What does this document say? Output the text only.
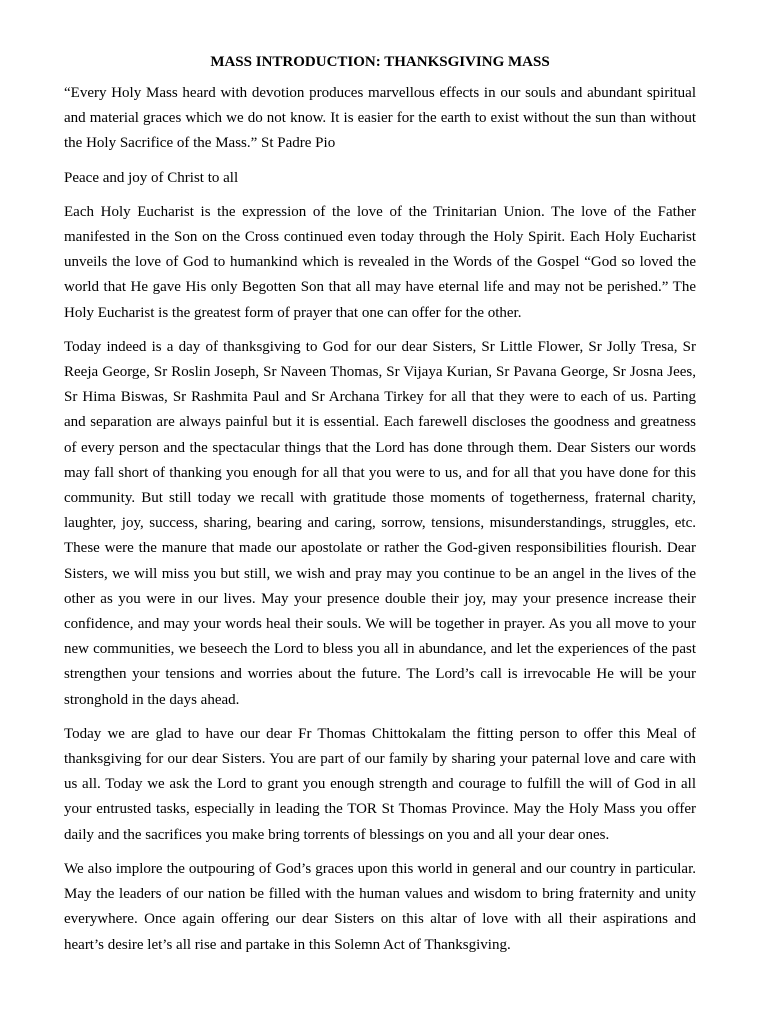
MASS INTRODUCTION: THANKSGIVING MASS

“Every Holy Mass heard with devotion produces marvellous effects in our souls and abundant spiritual and material graces which we do not know. It is easier for the earth to exist without the sun than without the Holy Sacrifice of the Mass.” St Padre Pio

Peace and joy of Christ to all

Each Holy Eucharist is the expression of the love of the Trinitarian Union. The love of the Father manifested in the Son on the Cross continued even today through the Holy Spirit. Each Holy Eucharist unveils the love of God to humankind which is revealed in the Words of the Gospel “God so loved the world that He gave His only Begotten Son that all may have eternal life and may not be perished.” The Holy Eucharist is the greatest form of prayer that one can offer for the other.

Today indeed is a day of thanksgiving to God for our dear Sisters, Sr Little Flower, Sr Jolly Tresa, Sr Reeja George, Sr Roslin Joseph, Sr Naveen Thomas, Sr Vijaya Kurian, Sr Pavana George, Sr Josna Jees, Sr Hima Biswas, Sr Rashmita Paul and Sr Archana Tirkey for all that they were to each of us. Parting and separation are always painful but it is essential. Each farewell discloses the goodness and greatness of every person and the spectacular things that the Lord has done through them. Dear Sisters our words may fall short of thanking you enough for all that you were to us, and for all that you have done for this community. But still today we recall with gratitude those moments of togetherness, fraternal charity, laughter, joy, success, sharing, bearing and caring, sorrow, tensions, misunderstandings, struggles, etc. These were the manure that made our apostolate or rather the God-given responsibilities flourish. Dear Sisters, we will miss you but still, we wish and pray may you continue to be an angel in the lives of the other as you were in our lives. May your presence double their joy, may your presence increase their confidence, and may your words heal their souls. We will be together in prayer. As you all move to your new communities, we beseech the Lord to bless you all in abundance, and let the experiences of the past strengthen your tensions and worries about the future. The Lord’s call is irrevocable He will be your stronghold in the days ahead.

Today we are glad to have our dear Fr Thomas Chittokalam the fitting person to offer this Meal of thanksgiving for our dear Sisters. You are part of our family by sharing your paternal love and care with us all. Today we ask the Lord to grant you enough strength and courage to fulfill the will of God in all your entrusted tasks, especially in leading the TOR St Thomas Province. May the Holy Mass you offer daily and the sacrifices you make bring torrents of blessings on you and all your dear ones.

We also implore the outpouring of God’s graces upon this world in general and our country in particular. May the leaders of our nation be filled with the human values and wisdom to bring fraternity and unity everywhere. Once again offering our dear Sisters on this altar of love with all their aspirations and heart’s desire let’s all rise and partake in this Solemn Act of Thanksgiving.
